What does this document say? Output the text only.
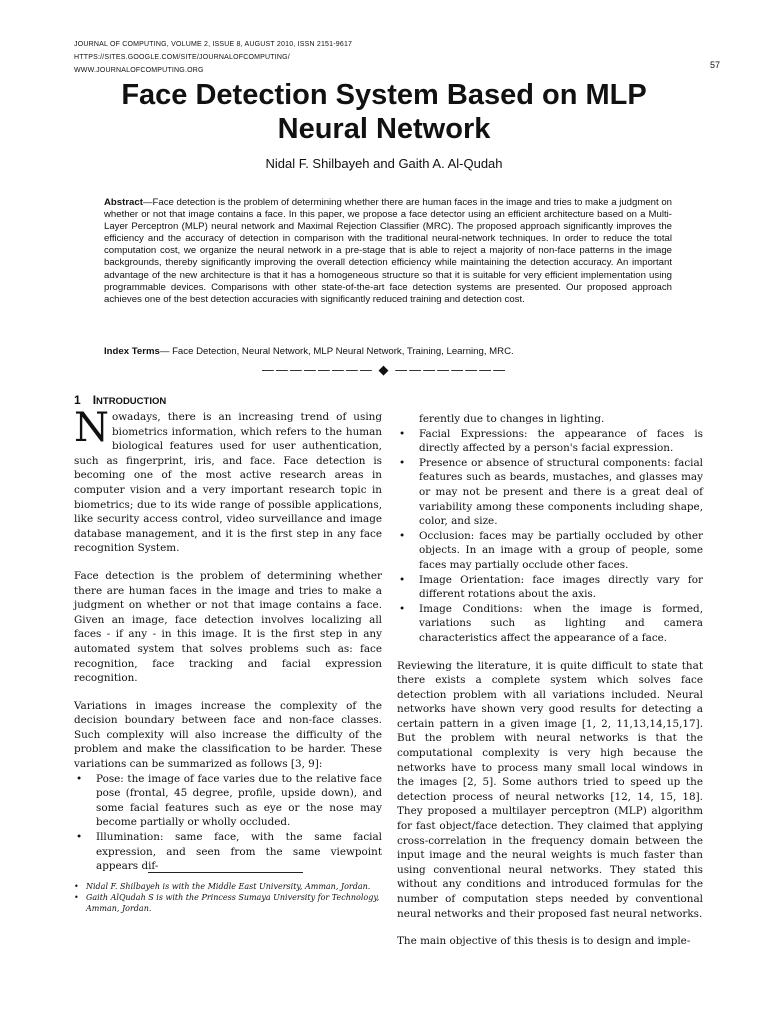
JOURNAL OF COMPUTING, VOLUME 2, ISSUE 8, AUGUST 2010, ISSN 2151-9617
HTTPS://SITES.GOOGLE.COM/SITE/JOURNALOFCOMPUTING/
WWW.JOURNALOFCOMPUTING.ORG
57
Face Detection System Based on MLP
Neural Network
Nidal F. Shilbayeh and Gaith A. Al-Qudah
Abstract—Face detection is the problem of determining whether there are human faces in the image and tries to make a judgment on whether or not that image contains a face. In this paper, we propose a face detector using an efficient architecture based on a Multi-Layer Perceptron (MLP) neural network and Maximal Rejection Classifier (MRC). The proposed approach significantly improves the efficiency and the accuracy of detection in comparison with the traditional neural-network techniques. In order to reduce the total computation cost, we organize the neural network in a pre-stage that is able to reject a majority of non-face patterns in the image backgrounds, thereby significantly improving the overall detection efficiency while maintaining the detection accuracy. An important advantage of the new architecture is that it has a homogeneous structure so that it is suitable for very efficient implementation using programmable devices. Comparisons with other state-of-the-art face detection systems are presented. Our proposed approach achieves one of the best detection accuracies with significantly reduced training and detection cost.
Index Terms— Face Detection, Neural Network, MLP Neural Network, Training, Learning, MRC.
———————— ◆ ————————
1 INTRODUCTION

Nowadays, there is an increasing trend of using biometrics information, which refers to the human biological features used for user authentication, such as fingerprint, iris, and face. Face detection is becoming one of the most active research areas in computer vision and a very important research topic in biometrics; due to its wide range of possible applications, like security access control, video surveillance and image database management, and it is the first step in any face recognition System.

Face detection is the problem of determining whether there are human faces in the image and tries to make a judgment on whether or not that image contains a face. Given an image, face detection involves localizing all faces - if any - in this image. It is the first step in any automated system that solves problems such as: face recognition, face tracking and facial expression recognition.

Variations in images increase the complexity of the decision boundary between face and non-face classes. Such complexity will also increase the difficulty of the problem and make the classification to be harder. These variations can be summarized as follows [3, 9]:

• Pose: the image of face varies due to the relative face pose (frontal, 45 degree, profile, upside down), and some facial features such as eye or the nose may become partially or wholly occluded.
• Illumination: same face, with the same facial expression, and seen from the same viewpoint appears dif-
ferently due to changes in lighting.
• Facial Expressions: the appearance of faces is directly affected by a person's facial expression.
• Presence or absence of structural components: facial features such as beards, mustaches, and glasses may or may not be present and there is a great deal of variability among these components including shape, color, and size.
• Occlusion: faces may be partially occluded by other objects. In an image with a group of people, some faces may partially occlude other faces.
• Image Orientation: face images directly vary for different rotations about the axis.
• Image Conditions: when the image is formed, variations such as lighting and camera characteristics affect the appearance of a face.

Reviewing the literature, it is quite difficult to state that there exists a complete system which solves face detection problem with all variations included. Neural networks have shown very good results for detecting a certain pattern in a given image [1, 2, 11,13,14,15,17]. But the problem with neural networks is that the computational complexity is very high because the networks have to process many small local windows in the images [2, 5]. Some authors tried to speed up the detection process of neural networks [12, 14, 15, 18]. They proposed a multilayer perceptron (MLP) algorithm for fast object/face detection. They claimed that applying cross-correlation in the frequency domain between the input image and the neural weights is much faster than using conventional neural networks. They stated this without any conditions and introduced formulas for the number of computation steps needed by conventional neural networks and their proposed fast neural networks.

The main objective of this thesis is to design and imple-

• Nidal F. Shilbayeh is with the Middle East University, Amman, Jordan.
• Gaith AlQudah S is with the Princess Sumaya University for Technology, Amman, Jordan.
